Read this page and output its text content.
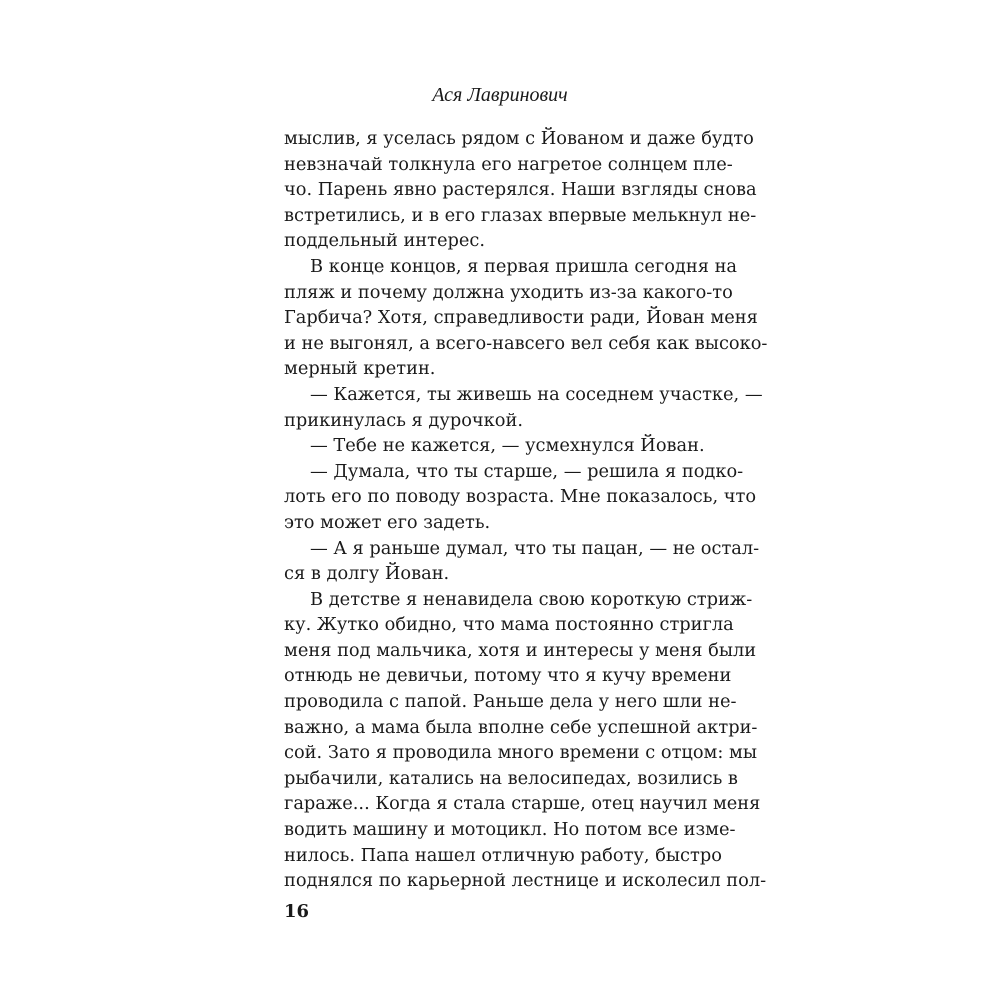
Ася Лавринович
мыслив, я уселась рядом с Йованом и даже будто
невзначай толкнула его нагретое солнцем пле-
чо. Парень явно растерялся. Наши взгляды снова
встретились, и в его глазах впервые мелькнул не-
поддельный интерес.
В конце концов, я первая пришла сегодня на
пляж и почему должна уходить из-за какого-то
Гарбича? Хотя, справедливости ради, Йован меня
и не выгонял, а всего-навсего вел себя как высоко-
мерный кретин.
— Кажется, ты живешь на соседнем участке, —
прикинулась я дурочкой.
— Тебе не кажется, — усмехнулся Йован.
— Думала, что ты старше, — решила я подко-
лоть его по поводу возраста. Мне показалось, что
это может его задеть.
— А я раньше думал, что ты пацан, — не остал-
ся в долгу Йован.
В детстве я ненавидела свою короткую стриж-
ку. Жутко обидно, что мама постоянно стригла
меня под мальчика, хотя и интересы у меня были
отнюдь не девичьи, потому что я кучу времени
проводила с папой. Раньше дела у него шли не-
важно, а мама была вполне себе успешной актри-
сой. Зато я проводила много времени с отцом: мы
рыбачили, катались на велосипедах, возились в
гараже... Когда я стала старше, отец научил меня
водить машину и мотоцикл. Но потом все изме-
нилось. Папа нашел отличную работу, быстро
поднялся по карьерной лестнице и исколесил пол-
16
